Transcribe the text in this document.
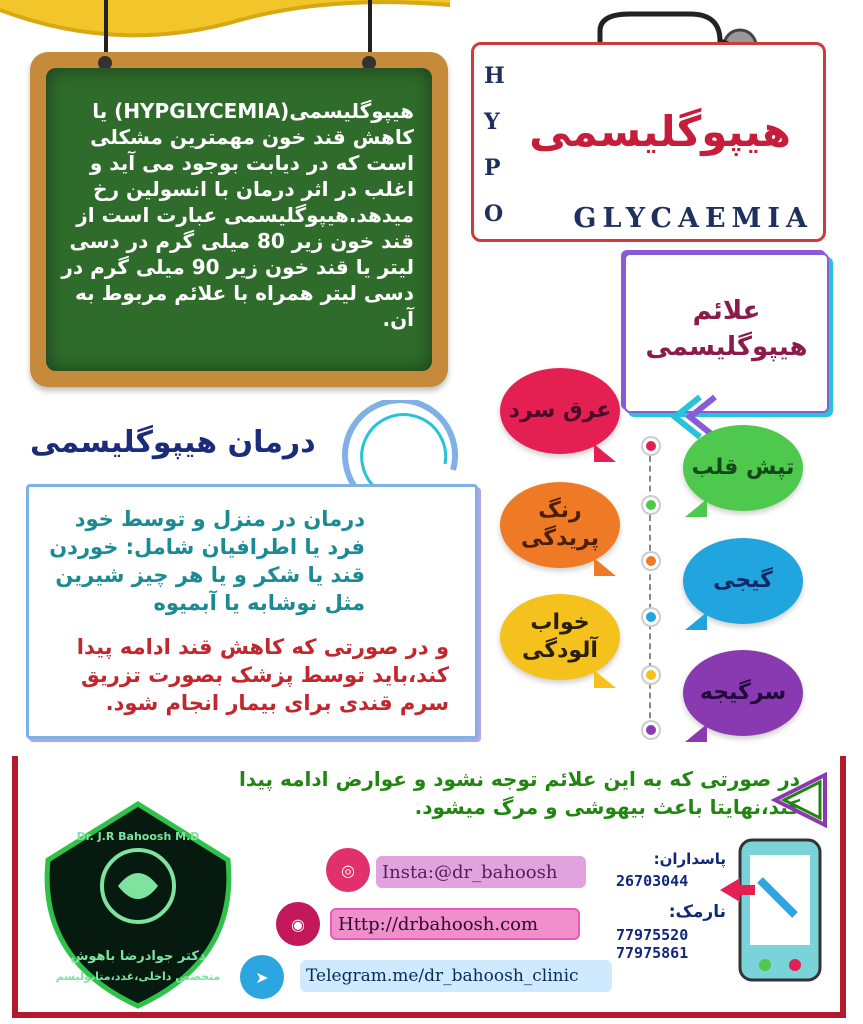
هیپوگلیسمی(HYPGLYCEMIA) یا کاهش قند خون مهمترین مشکلی است که در دیابت بوجود می آید و اغلب در اثر درمان با انسولین رخ میدهد.هیپوگلیسمی عبارت است از قند خون زیر 80 میلی گرم در دسی لیتر یا قند خون زیر 90 میلی گرم در دسی لیتر همراه با علائم مربوط به آن.
H
Y
P
O
هیپوگلیسمی
GLYCAEMIA
علائم
هیپوگلیسمی
عرق سرد
تپش قلب
رنگ پریدگی
گیجی
خواب آلودگی
سرگیجه
درمان هیپوگلیسمی
درمان در منزل و توسط خود فرد یا اطرافیان شامل: خوردن قند یا شکر و یا هر چیز شیرین مثل نوشابه یا آبمیوه
و در صورتی که کاهش قند ادامه پیدا کند،باید توسط پزشک بصورت تزریق سرم قندی برای بیمار انجام شود.
در صورتی که به این علائم توجه نشود و عوارض ادامه پیدا کند،نهایتا باعث بیهوشی و مرگ میشود.
Dr. J.R Bahoosh M.D
دکتر جوادرضا باهوش
متخصص داخلی،غدد،متابولیسم
◎	Insta:@dr_bahoosh
◉	Http://drbahoosh.com
➤	Telegram.me/dr_bahoosh_clinic
پاسداران:
26703044
نارمک:
77975520
77975861
